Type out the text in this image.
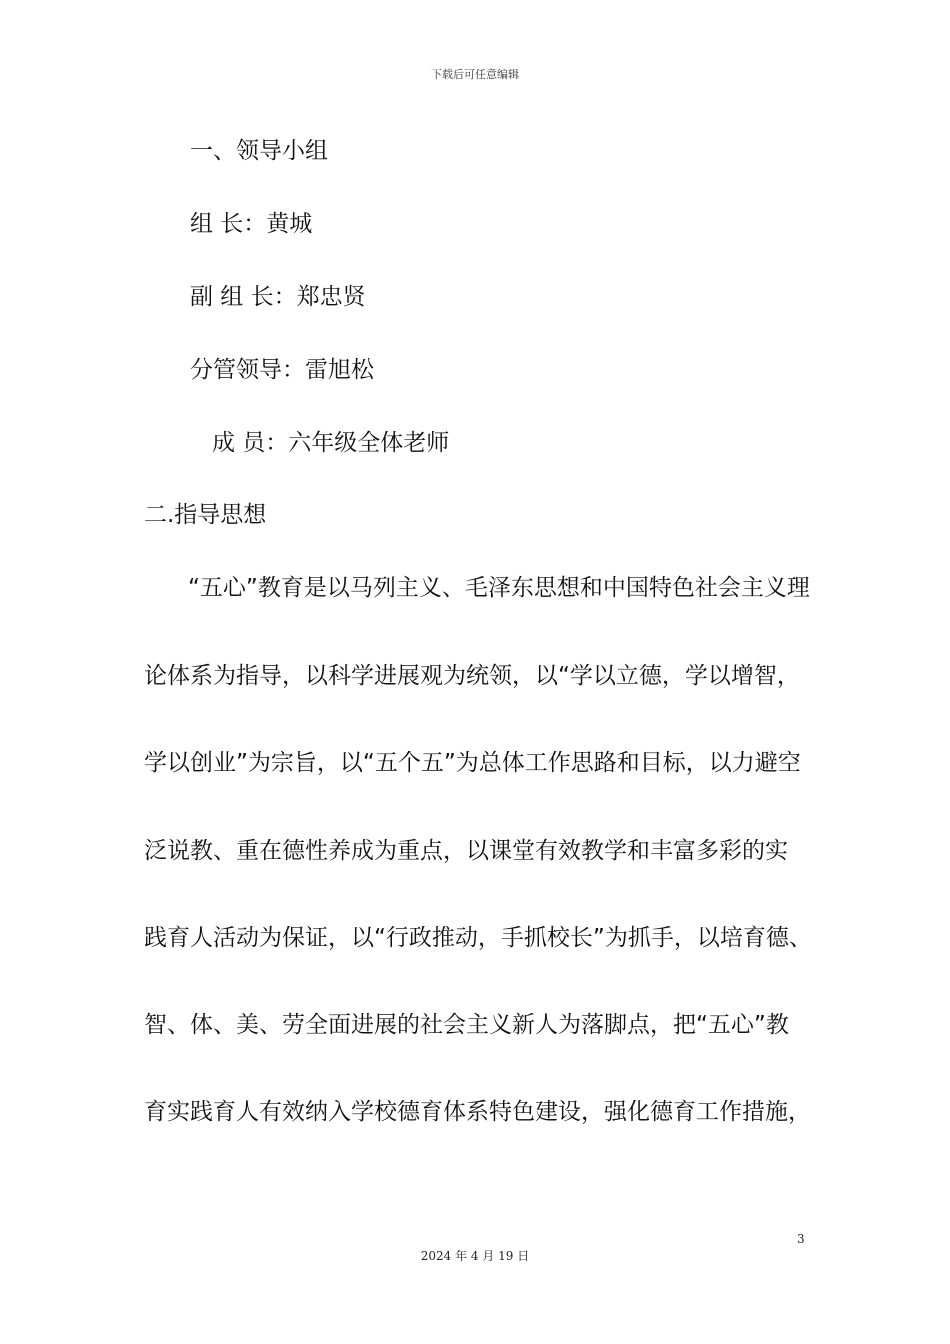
下载后可任意编辑
一、领导小组
组 长：黄城
副 组 长：郑忠贤
分管领导：雷旭松
成 员：六年级全体老师
二.指导思想
“五心”教育是以马列主义、毛泽东思想和中国特色社会主义理
论体系为指导，以科学进展观为统领，以“学以立德，学以增智，
学以创业”为宗旨，以“五个五”为总体工作思路和目标，以力避空
泛说教、重在德性养成为重点，以课堂有效教学和丰富多彩的实
践育人活动为保证，以“行政推动，手抓校长”为抓手，以培育德、
智、体、美、劳全面进展的社会主义新人为落脚点，把“五心”教
育实践育人有效纳入学校德育体系特色建设，强化德育工作措施，
3
2024 年 4 月 19 日
